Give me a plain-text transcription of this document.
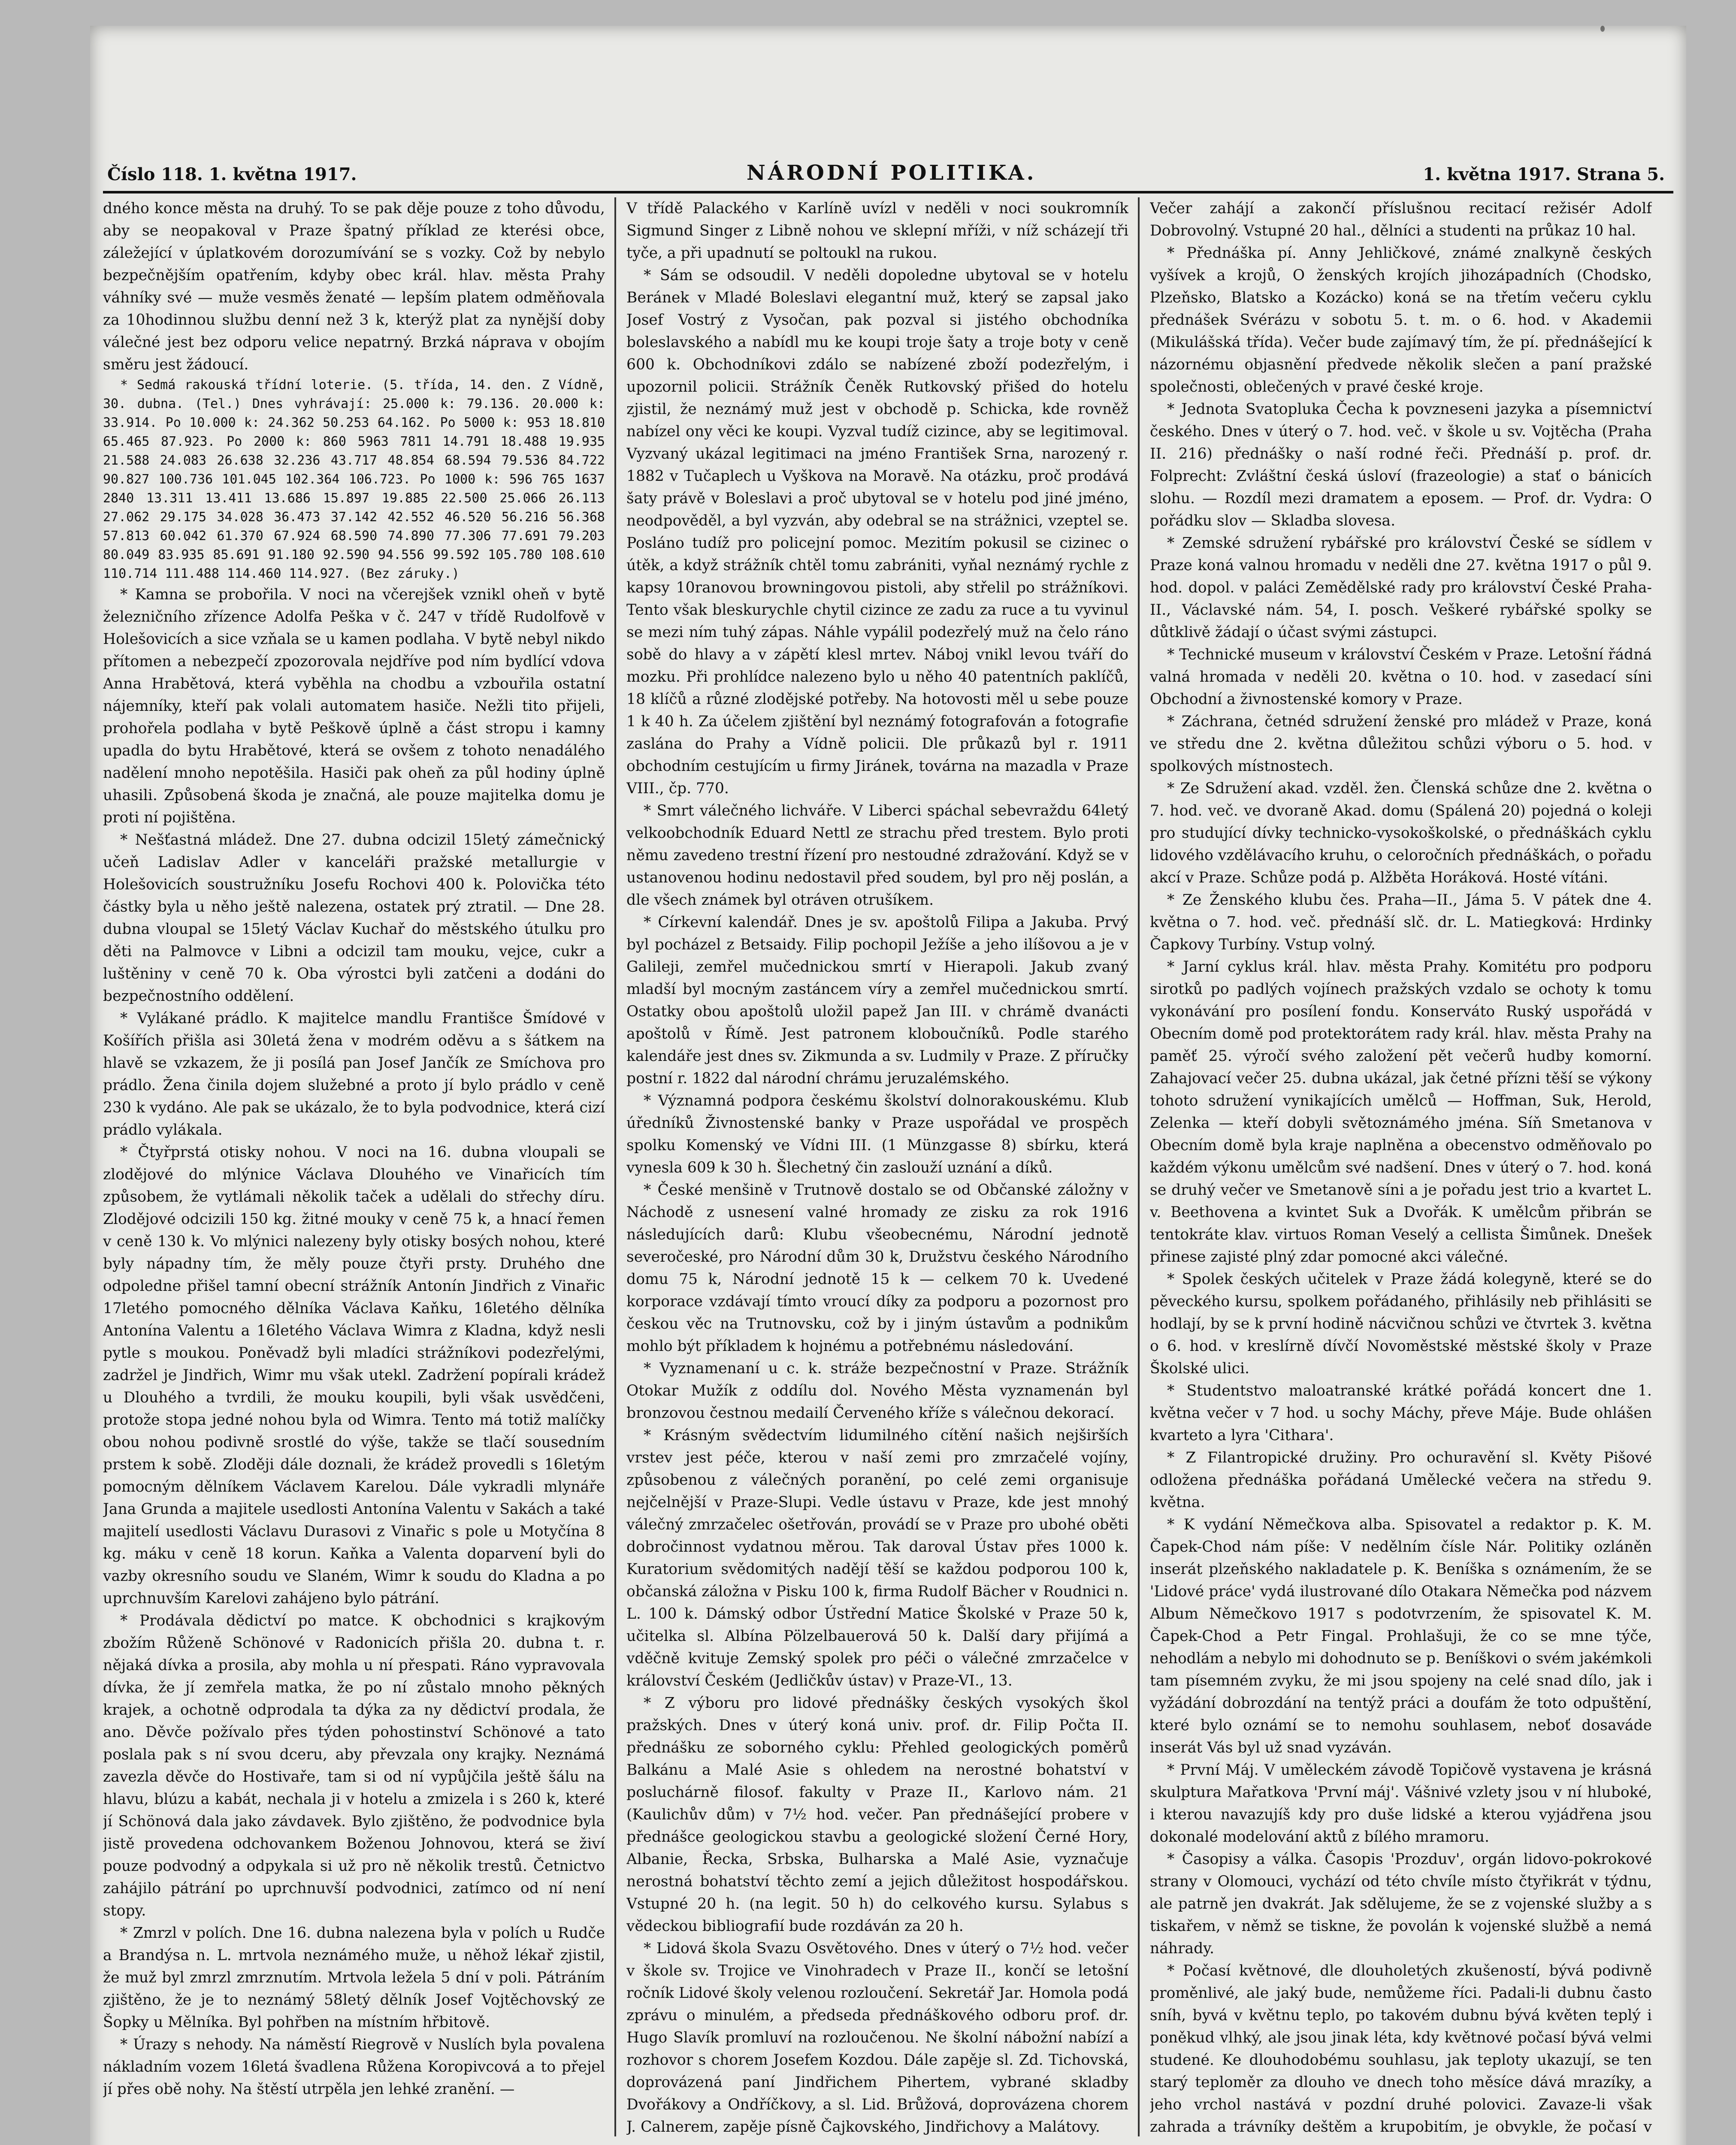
Číslo 118. 1. května 1917.	NÁRODNÍ POLITIKA.	1. května 1917. Strana 5.

dného konce města na druhý. To se pak děje pouze z toho důvodu, aby se neopakoval v Praze špatný příklad ze kterési obce, záležející v úplatkovém dorozumívání se s vozky. Což by nebylo bezpečnějším opatřením, kdyby obec král. hlav. města Prahy váhníky své — muže vesměs ženaté — lepším platem odměňovala za 10hodinnou službu denní než 3 k, kterýž plat za nynější doby válečné jest bez odporu velice nepatrný. Brzká náprava v obojím směru jest žádoucí.

* Sedmá rakouská třídní loterie. (5. třída, 14. den. Z Vídně, 30. dubna. (Tel.) Dnes vyhrávají: 25.000 k: 79.136. 20.000 k: 33.914. Po 10.000 k: 24.362 50.253 64.162. Po 5000 k: 953 18.810 65.465 87.923. Po 2000 k: 860 5963 7811 14.791 18.488 19.935 21.588 24.083 26.638 32.236 43.717 48.854 68.594 79.536 84.722 90.827 100.736 101.045 102.364 106.723. Po 1000 k: 596 765 1637 2840 13.311 13.411 13.686 15.897 19.885 22.500 25.066 26.113 27.062 29.175 34.028 36.473 37.142 42.552 46.520 56.216 56.368 57.813 60.042 61.370 67.924 68.590 74.890 77.306 77.691 79.203 80.049 83.935 85.691 91.180 92.590 94.556 99.592 105.780 108.610 110.714 111.488 114.460 114.927. (Bez záruky.)

* Kamna se probořila. V noci na včerejšek vznikl oheň v bytě železničního zřízence Adolfa Peška v č. 247 v třídě Rudolfově v Holešovicích a sice vzňala se u kamen podlaha. V bytě nebyl nikdo přítomen a nebezpečí zpozorovala nejdříve pod ním bydlící vdova Anna Hrabětová, která vyběhla na chodbu a vzbouřila ostatní nájemníky, kteří pak volali automatem hasiče. Nežli tito přijeli, prohořela podlaha v bytě Peškově úplně a část stropu i kamny upadla do bytu Hrabětové, která se ovšem z tohoto nenadálého nadělení mnoho nepotěšila. Hasiči pak oheň za půl hodiny úplně uhasili. Způsobená škoda je značná, ale pouze majitelka domu je proti ní pojištěna.

* Nešťastná mládež. Dne 27. dubna odcizil 15letý zámečnický učeň Ladislav Adler v kanceláři pražské metallurgie v Holešovicích soustružníku Josefu Rochovi 400 k. Polovička této částky byla u něho ještě nalezena, ostatek prý ztratil. — Dne 28. dubna vloupal se 15letý Václav Kuchař do městského útulku pro děti na Palmovce v Libni a odcizil tam mouku, vejce, cukr a luštěniny v ceně 70 k. Oba výrostci byli zatčeni a dodáni do bezpečnostního oddělení.

* Vylákané prádlo. K majitelce mandlu Františce Šmídové v Košířích přišla asi 30letá žena v modrém oděvu a s šátkem na hlavě se vzkazem, že ji posílá pan Josef Jančík ze Smíchova pro prádlo. Žena činila dojem služebné a proto jí bylo prádlo v ceně 230 k vydáno. Ale pak se ukázalo, že to byla podvodnice, která cizí prádlo vylákala.

* Čtyřprstá otisky nohou. V noci na 16. dubna vloupali se zlodějové do mlýnice Václava Dlouhého ve Vinařicích tím způsobem, že vytlámali několik taček a udělali do střechy díru. Zlodějové odcizili 150 kg. žitné mouky v ceně 75 k, a hnací řemen v ceně 130 k. Vo mlýnici nalezeny byly otisky bosých nohou, které byly nápadny tím, že měly pouze čtyři prsty. Druhého dne odpoledne přišel tamní obecní strážník Antonín Jindřich z Vinařic 17letého pomocného dělníka Václava Kaňku, 16letého dělníka Antonína Valentu a 16letého Václava Wimra z Kladna, když nesli pytle s moukou. Poněvadž byli mladíci strážníkovi podezřelými, zadržel je Jindřich, Wimr mu však utekl. Zadržení popírali krádež u Dlouhého a tvrdili, že mouku koupili, byli však usvědčeni, protože stopa jedné nohou byla od Wimra. Tento má totiž malíčky obou nohou podivně srostlé do výše, takže se tlačí sousedním prstem k sobě. Zloději dále doznali, že krádež provedli s 16letým pomocným dělníkem Václavem Karelou. Dále vykradli mlynáře Jana Grunda a majitele usedlosti Antonína Valentu v Sakách a také majitelí usedlosti Václavu Durasovi z Vinařic s pole u Motyčína 8 kg. máku v ceně 18 korun. Kaňka a Valenta doparvení byli do vazby okresního soudu ve Slaném, Wimr k soudu do Kladna a po uprchnuvším Karelovi zahájeno bylo pátrání.

* Prodávala dědictví po matce. K obchodnici s krajkovým zbožím Růženě Schönové v Radonicích přišla 20. dubna t. r. nějaká dívka a prosila, aby mohla u ní přespati. Ráno vypravovala dívka, že jí zemřela matka, že po ní zůstalo mnoho pěkných krajek, a ochotně odprodala ta dýka za ny dědictví prodala, že ano. Děvče požívalo přes týden pohostinství Schönové a tato poslala pak s ní svou dceru, aby převzala ony krajky. Neznámá zavezla děvče do Hostivaře, tam si od ní vypůjčila ještě šálu na hlavu, blúzu a kabát, nechala ji v hotelu a zmizela i s 260 k, které jí Schönová dala jako závdavek. Bylo zjištěno, že podvodnice byla jistě provedena odchovankem Boženou Johnovou, která se živí pouze podvodný a odpykala si už pro ně několik trestů. Četnictvo zahájilo pátrání po uprchnuvší podvodnici, zatímco od ní není stopy.

* Zmrzl v polích. Dne 16. dubna nalezena byla v polích u Rudče a Brandýsa n. L. mrtvola neznámého muže, u něhož lékař zjistil, že muž byl zmrzl zmrznutím. Mrtvola ležela 5 dní v poli. Pátráním zjištěno, že je to neznámý 58letý dělník Josef Vojtěchovský ze Šopky u Mělníka. Byl pohřben na místním hřbitově.

* Úrazy s nehody. Na náměstí Riegrově v Nuslích byla povalena nákladním vozem 16letá švadlena Růžena Koropivcová a to přejel jí přes obě nohy. Na štěstí utrpěla jen lehké zranění. —

V třídě Palackého v Karlíně uvízl v neděli v noci soukromník Sigmund Singer z Libně nohou ve sklepní mříži, v níž scházejí tři tyče, a při upadnutí se poltoukl na rukou.

* Sám se odsoudil. V neděli dopoledne ubytoval se v hotelu Beránek v Mladé Boleslavi elegantní muž, který se zapsal jako Josef Vostrý z Vysočan, pak pozval si jistého obchodníka boleslavského a nabídl mu ke koupi troje šaty a troje boty v ceně 600 k. Obchodníkovi zdálo se nabízené zboží podezřelým, i upozornil policii. Strážník Čeněk Rutkovský přišed do hotelu zjistil, že neznámý muž jest v obchodě p. Schicka, kde rovněž nabízel ony věci ke koupi. Vyzval tudíž cizince, aby se legitimoval. Vyzvaný ukázal legitimaci na jméno František Srna, narozený r. 1882 v Tučaplech u Vyškova na Moravě. Na otázku, proč prodává šaty právě v Boleslavi a proč ubytoval se v hotelu pod jiné jméno, neodpověděl, a byl vyzván, aby odebral se na strážnici, vzeptel se. Posláno tudíž pro policejní pomoc. Mezitím pokusil se cizinec o útěk, a když strážník chtěl tomu zabrániti, vyňal neznámý rychle z kapsy 10ranovou browningovou pistoli, aby střelil po strážníkovi. Tento však bleskurychle chytil cizince ze zadu za ruce a tu vyvinul se mezi ním tuhý zápas. Náhle vypálil podezřelý muž na čelo ráno sobě do hlavy a v zápětí klesl mrtev. Náboj vnikl levou tváří do mozku. Při prohlídce nalezeno bylo u něho 40 patentních paklíčů, 18 klíčů a různé zlodějské potřeby. Na hotovosti měl u sebe pouze 1 k 40 h. Za účelem zjištění byl neznámý fotografován a fotografie zaslána do Prahy a Vídně policii. Dle průkazů byl r. 1911 obchodním cestujícím u firmy Jiránek, továrna na mazadla v Praze VIII., čp. 770.

* Smrt válečného lichváře. V Liberci spáchal sebevraždu 64letý velkoobchodník Eduard Nettl ze strachu před trestem. Bylo proti němu zavedeno trestní řízení pro nestoudné zdražování. Když se v ustanovenou hodinu nedostavil před soudem, byl pro něj poslán, a dle všech známek byl otráven otrušíkem.

* Církevní kalendář. Dnes je sv. apoštolů Filipa a Jakuba. Prvý byl pocházel z Betsaidy. Filip pochopil Ježíše a jeho ilíšovou a je v Galileji, zemřel mučednickou smrtí v Hierapoli. Jakub zvaný mladší byl mocným zastáncem víry a zemřel mučednickou smrtí. Ostatky obou apoštolů uložil papež Jan III. v chrámě dvanácti apoštolů v Římě. Jest patronem kloboučníků. Podle starého kalendáře jest dnes sv. Zikmunda a sv. Ludmily v Praze. Z příručky postní r. 1822 dal národní chrámu jeruzalémského.

* Významná podpora českému školství dolnorakouskému. Klub úředníků Živnostenské banky v Praze uspořádal ve prospěch spolku Komenský ve Vídni III. (1 Münzgasse 8) sbírku, která vynesla 609 k 30 h. Šlechetný čin zaslouží uznání a díků.

* České menšině v Trutnově dostalo se od Občanské záložny v Náchodě z usnesení valné hromady ze zisku za rok 1916 následujících darů: Klubu všeobecnému, Národní jednotě severočeské, pro Národní dům 30 k, Družstvu českého Národního domu 75 k, Národní jednotě 15 k — celkem 70 k. Uvedené korporace vzdávají tímto vroucí díky za podporu a pozornost pro českou věc na Trutnovsku, což by i jiným ústavům a podnikům mohlo být příkladem k hojnému a potřebnému následování.

* Vyznamenaní u c. k. stráže bezpečnostní v Praze. Strážník Otokar Mužík z oddílu dol. Nového Města vyznamenán byl bronzovou čestnou medailí Červeného kříže s válečnou dekorací.

* Krásným svědectvím lidumilného cítění našich nejširších vrstev jest péče, kterou v naší zemi pro zmrzačelé vojíny, způsobenou z válečných poranění, po celé zemi organisuje nejčelnější v Praze-Slupi. Vedle ústavu v Praze, kde jest mnohý válečný zmrzačelec ošetřován, provádí se v Praze pro ubohé oběti dobročinnost vydatnou měrou. Tak daroval Ústav přes 1000 k. Kuratorium svědomitých nadějí těší se každou podporou 100 k, občanská záložna v Pisku 100 k, firma Rudolf Bächer v Roudnici n. L. 100 k. Dámský odbor Ústřední Matice Školské v Praze 50 k, učitelka sl. Albína Pölzelbauerová 50 k. Další dary přijímá a vděčně kvituje Zemský spolek pro péči o válečné zmrzačelce v království Českém (Jedličkův ústav) v Praze-VI., 13.

* Z výboru pro lidové přednášky českých vysokých škol pražských. Dnes v úterý koná univ. prof. dr. Filip Počta II. přednášku ze soborného cyklu: Přehled geologických poměrů Balkánu a Malé Asie s ohledem na nerostné bohatství v posluchárně filosof. fakulty v Praze II., Karlovo nám. 21 (Kaulichův dům) v 7½ hod. večer. Pan přednášející probere v přednášce geologickou stavbu a geologické složení Černé Hory, Albanie, Řecka, Srbska, Bulharska a Malé Asie, vyznačuje nerostná bohatství těchto zemí a jejich důležitost hospodářskou. Vstupné 20 h. (na legit. 50 h) do celkového kursu. Sylabus s vědeckou bibliografií bude rozdáván za 20 h.

* Lidová škola Svazu Osvětového. Dnes v úterý o 7½ hod. večer v škole sv. Trojice ve Vinohradech v Praze II., končí se letošní ročník Lidové školy velenou rozloučení. Sekretář Jar. Homola podá zprávu o minulém, a předseda přednáškového odboru prof. dr. Hugo Slavík promluví na rozloučenou. Ne školní nábožní nabízí a rozhovor s chorem Josefem Kozdou. Dále zapěje sl. Zd. Tichovská, doprovázená paní Jindřichem Pihertem, vybrané skladby Dvořákovy a Ondříčkovy, a sl. Lid. Brůžová, doprovázena chorem J. Calnerem, zapěje písně Čajkovského, Jindřichovy a Malátovy.

Večer zahájí a zakončí příslušnou recitací režisér Adolf Dobrovolný. Vstupné 20 hal., dělníci a studenti na průkaz 10 hal.

* Přednáška pí. Anny Jehličkové, známé znalkyně českých vyšívek a krojů, O ženských krojích jihozápadních (Chodsko, Plzeňsko, Blatsko a Kozácko) koná se na třetím večeru cyklu přednášek Svérázu v sobotu 5. t. m. o 6. hod. v Akademii (Mikulášská třída). Večer bude zajímavý tím, že pí. přednášející k názornému objasnění předvede několik slečen a paní pražské společnosti, oblečených v pravé české kroje.

* Jednota Svatopluka Čecha k povzneseni jazyka a písemnictví českého. Dnes v úterý o 7. hod. več. v škole u sv. Vojtěcha (Praha II. 216) přednášky o naší rodné řeči. Přednáší p. prof. dr. Folprecht: Zvláštní česká úsloví (frazeologie) a stať o bánicích slohu. — Rozdíl mezi dramatem a eposem. — Prof. dr. Vydra: O pořádku slov — Skladba slovesa.

* Zemské sdružení rybářské pro království České se sídlem v Praze koná valnou hromadu v neděli dne 27. května 1917 o půl 9. hod. dopol. v paláci Zemědělské rady pro království České Praha-II., Václavské nám. 54, I. posch. Veškeré rybářské spolky se důtklivě žádají o účast svými zástupci.

* Technické museum v království Českém v Praze. Letošní řádná valná hromada v neděli 20. května o 10. hod. v zasedací síni Obchodní a živnostenské komory v Praze.

* Záchrana, četnéd sdružení ženské pro mládež v Praze, koná ve středu dne 2. května důležitou schůzi výboru o 5. hod. v spolkových místnostech.

* Ze Sdružení akad. vzděl. žen. Členská schůze dne 2. května o 7. hod. več. ve dvoraně Akad. domu (Spálená 20) pojedná o koleji pro studující dívky technicko-vysokoškolské, o přednáškách cyklu lidového vzdělávacího kruhu, o celoročních přednáškách, o pořadu akcí v Praze. Schůze podá p. Alžběta Horáková. Hosté vítáni.

* Ze Ženského klubu čes. Praha—II., Jáma 5. V pátek dne 4. května o 7. hod. več. přednáší slč. dr. L. Matiegková: Hrdinky Čapkovy Turbíny. Vstup volný.

* Jarní cyklus král. hlav. města Prahy. Komitétu pro podporu sirotků po padlých vojínech pražských vzdalo se ochoty k tomu vykonávání pro posílení fondu. Konserváto Ruský uspořádá v Obecním domě pod protektorátem rady král. hlav. města Prahy na paměť 25. výročí svého založení pět večerů hudby komorní. Zahajovací večer 25. dubna ukázal, jak četné přízni těší se výkony tohoto sdružení vynikajících umělců — Hoffman, Suk, Herold, Zelenka — kteří dobyli světoznámého jména. Síň Smetanova v Obecním domě byla kraje naplněna a obecenstvo odměňovalo po každém výkonu umělcům své nadšení. Dnes v úterý o 7. hod. koná se druhý večer ve Smetanově síni a je pořadu jest trio a kvartet L. v. Beethovena a kvintet Suk a Dvořák. K umělcům přibrán se tentokráte klav. virtuos Roman Veselý a cellista Šimůnek. Dnešek přinese zajisté plný zdar pomocné akci válečné.

* Spolek českých učitelek v Praze žádá kolegyně, které se do pěveckého kursu, spolkem pořádaného, přihlásily neb přihlásiti se hodlají, by se k první hodině nácvičnou schůzi ve čtvrtek 3. května o 6. hod. v kreslírně dívčí Novoměstské městské školy v Praze Školské ulici.

* Studentstvo maloatranské krátké pořádá koncert dne 1. května večer v 7 hod. u sochy Máchy, převe Máje. Bude ohlášen kvarteto a lyra 'Cithara'.

* Z Filantropické družiny. Pro ochuravění sl. Květy Pišové odložena přednáška pořádaná Umělecké večera na středu 9. května.

* K vydání Němečkova alba. Spisovatel a redaktor p. K. M. Čapek-Chod nám píše: V nedělním čísle Nár. Politiky ozláněn inserát plzeňského nakladatele p. K. Beníška s oznámením, že se 'Lidové práce' vydá ilustrované dílo Otakara Němečka pod názvem Album Němečkovo 1917 s podotvrzením, že spisovatel K. M. Čapek-Chod a Petr Fingal. Prohlašuji, že co se mne týče, nehodlám a nebylo mi dohodnuto se p. Beníškovi o svém jakémkoli tam písemném zvyku, že mi jsou spojeny na celé snad dílo, jak i vyžádání dobrozdání na tentýž práci a doufám že toto odpuštění, které bylo oznámí se to nemohu souhlasem, neboť dosaváde inserát Vás byl už snad vyzáván.

* První Máj. V uměleckém závodě Topičově vystavena je krásná skulptura Mařatkova 'První máj'. Vášnivé vzlety jsou v ní hluboké, i kterou navazujíš kdy pro duše lidské a kterou vyjádřena jsou dokonalé modelování aktů z bílého mramoru.

* Časopisy a válka. Časopis 'Prozduv', orgán lidovo-pokrokové strany v Olomouci, vychází od této chvíle místo čtyřikrát v týdnu, ale patrně jen dvakrát. Jak sdělujeme, že se z vojenské služby a s tiskařem, v němž se tiskne, že povolán k vojenské službě a nemá náhrady.

* Počasí květnové, dle dlouholetých zkušeností, bývá podivně proměnlivé, ale jaký bude, nemůžeme říci. Padali-li dubnu často sníh, byvá v květnu teplo, po takovém dubnu bývá květen teplý i poněkud vlhký, ale jsou jinak léta, kdy květnové počasí bývá velmi studené. Ke dlouhodobému souhlasu, jak teploty ukazují, se ten starý teploměr za dlouho ve dnech toho měsíce dává mrazíky, a jeho vrchol nastává v pozdní druhé polovici. Zavaze-li však zahrada a trávníky deštěm a krupobitím, je obvykle, že počasí v
